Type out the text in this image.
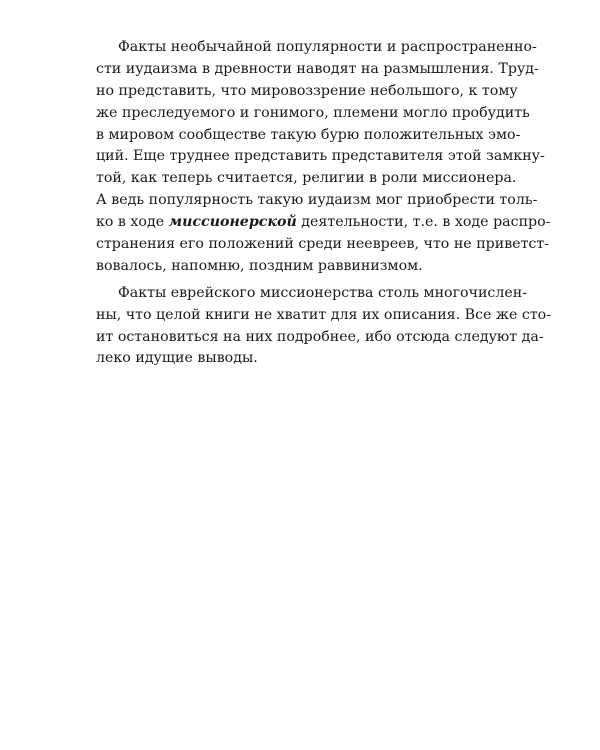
Факты необычайной популярности и распространенно-
сти иудаизма в древности наводят на размышления. Труд-
но представить, что мировоззрение небольшого, к тому
же преследуемого и гонимого, племени могло пробудить
в мировом сообществе такую бурю положительных эмо-
ций. Еще труднее представить представителя этой замкну-
той, как теперь считается, религии в роли миссионера.
А ведь популярность такую иудаизм мог приобрести толь-
ко в ходе миссионерской деятельности, т.е. в ходе распро-
странения его положений среди неевреев, что не приветст-
вовалось, напомню, поздним раввинизмом.
Факты еврейского миссионерства столь многочислен-
ны, что целой книги не хватит для их описания. Все же сто-
ит остановиться на них подробнее, ибо отсюда следуют да-
леко идущие выводы.
